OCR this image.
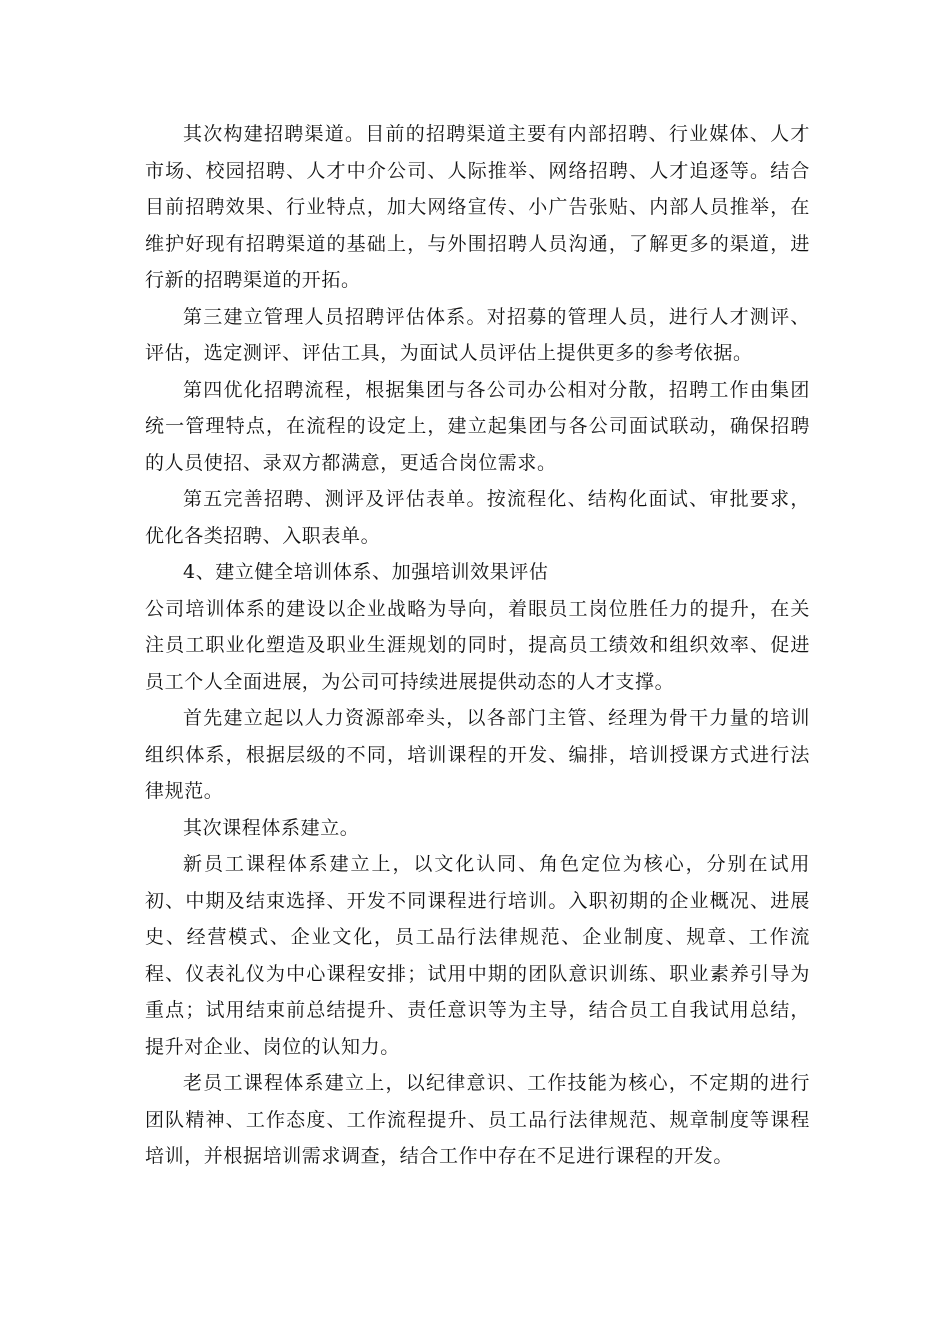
其次构建招聘渠道。目前的招聘渠道主要有内部招聘、行业媒体、人才市场、校园招聘、人才中介公司、人际推举、网络招聘、人才追逐等。结合目前招聘效果、行业特点，加大网络宣传、小广告张贴、内部人员推举，在维护好现有招聘渠道的基础上，与外围招聘人员沟通，了解更多的渠道，进行新的招聘渠道的开拓。

第三建立管理人员招聘评估体系。对招募的管理人员，进行人才测评、评估，选定测评、评估工具，为面试人员评估上提供更多的参考依据。

第四优化招聘流程，根据集团与各公司办公相对分散，招聘工作由集团统一管理特点，在流程的设定上，建立起集团与各公司面试联动，确保招聘的人员使招、录双方都满意，更适合岗位需求。

第五完善招聘、测评及评估表单。按流程化、结构化面试、审批要求，优化各类招聘、入职表单。

4、建立健全培训体系、加强培训效果评估

公司培训体系的建设以企业战略为导向，着眼员工岗位胜任力的提升，在关注员工职业化塑造及职业生涯规划的同时，提高员工绩效和组织效率、促进员工个人全面进展，为公司可持续进展提供动态的人才支撑。

首先建立起以人力资源部牵头，以各部门主管、经理为骨干力量的培训组织体系，根据层级的不同，培训课程的开发、编排，培训授课方式进行法律规范。

其次课程体系建立。

新员工课程体系建立上，以文化认同、角色定位为核心，分别在试用初、中期及结束选择、开发不同课程进行培训。入职初期的企业概况、进展史、经营模式、企业文化，员工品行法律规范、企业制度、规章、工作流程、仪表礼仪为中心课程安排；试用中期的团队意识训练、职业素养引导为重点；试用结束前总结提升、责任意识等为主导，结合员工自我试用总结，提升对企业、岗位的认知力。

老员工课程体系建立上，以纪律意识、工作技能为核心，不定期的进行团队精神、工作态度、工作流程提升、员工品行法律规范、规章制度等课程培训，并根据培训需求调查，结合工作中存在不足进行课程的开发。
